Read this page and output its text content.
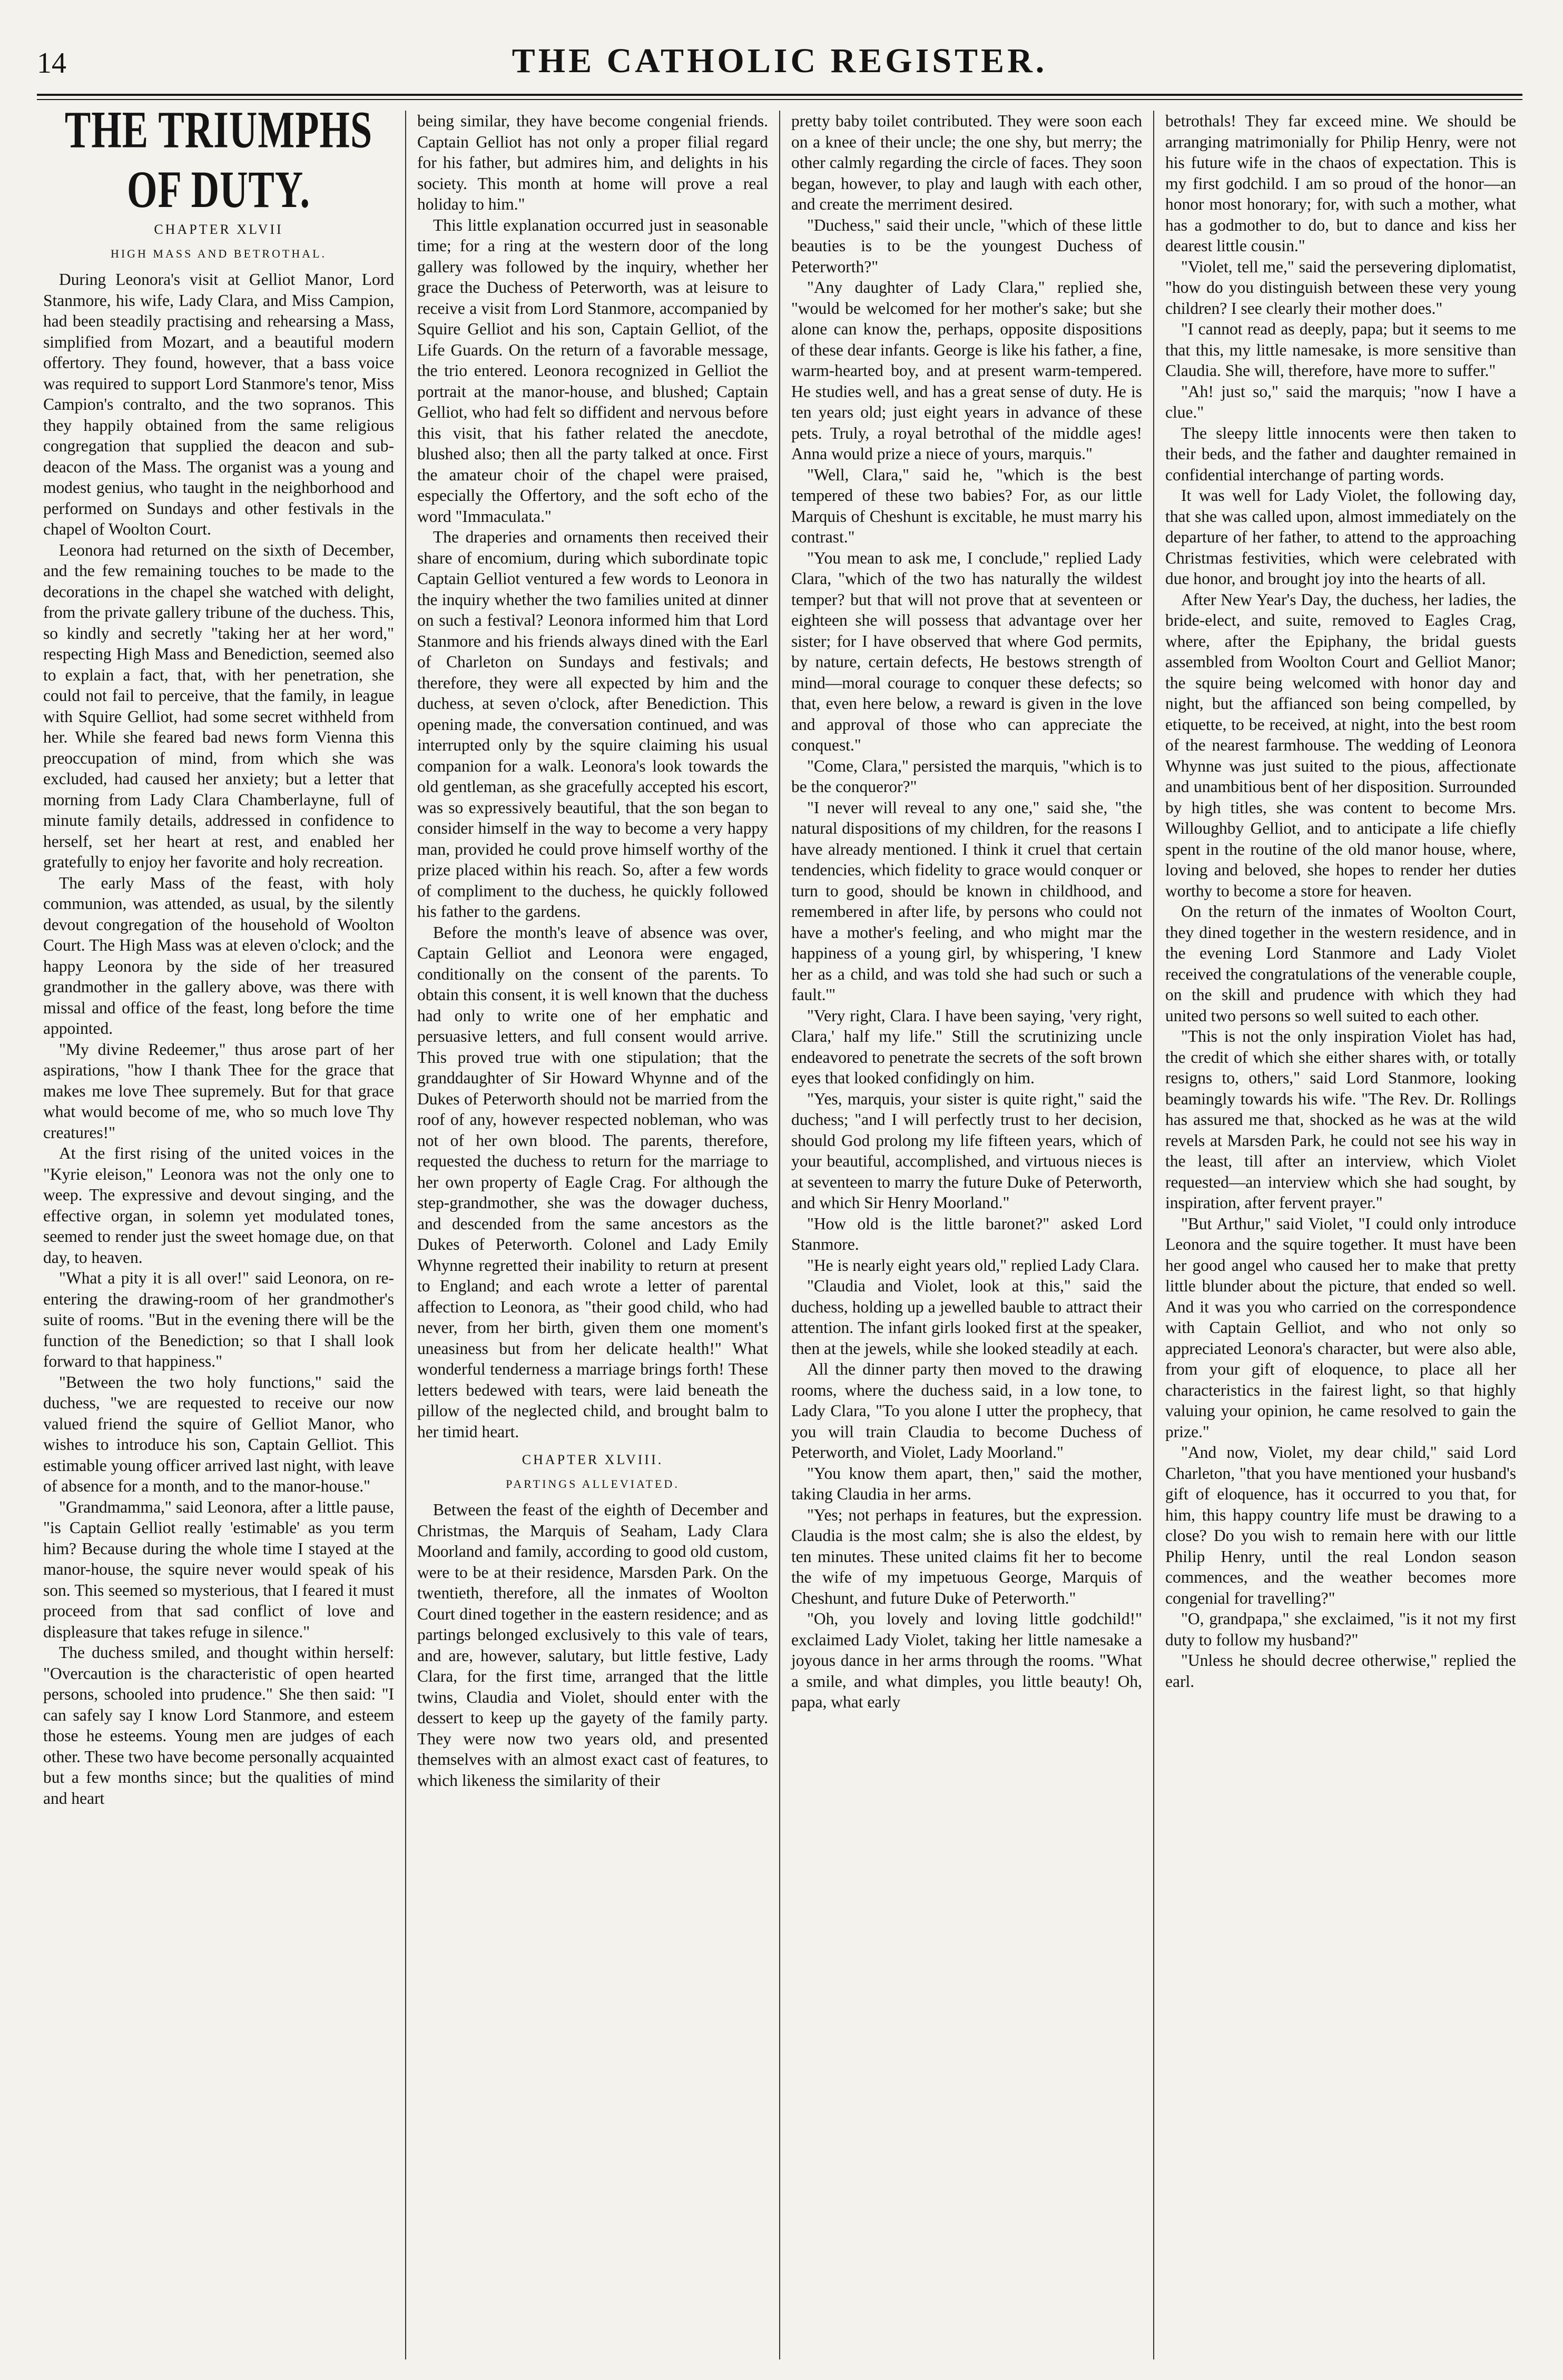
14	THE CATHOLIC REGISTER.
THE TRIUMPHS OF DUTY.

CHAPTER XLVII

HIGH MASS AND BETROTHAL.

During Leonora's visit at Gelliot Manor, Lord Stanmore, his wife, Lady Clara, and Miss Campion, had been steadily practising and rehearsing a Mass, simplified from Mozart, and a beautiful modern offertory. They found, however, that a bass voice was required to support Lord Stanmore's tenor, Miss Campion's contralto, and the two sopranos. This they happily obtained from the same religious congregation that supplied the deacon and sub-deacon of the Mass. The organist was a young and modest genius, who taught in the neighborhood and performed on Sundays and other festivals in the chapel of Woolton Court.

Leonora had returned on the sixth of December, and the few remaining touches to be made to the decorations in the chapel she watched with delight, from the private gallery tribune of the duchess. This, so kindly and secretly "taking her at her word," respecting High Mass and Benediction, seemed also to explain a fact, that, with her penetration, she could not fail to perceive, that the family, in league with Squire Gelliot, had some secret withheld from her. While she feared bad news form Vienna this preoccupation of mind, from which she was excluded, had caused her anxiety; but a letter that morning from Lady Clara Chamberlayne, full of minute family details, addressed in confidence to herself, set her heart at rest, and enabled her gratefully to enjoy her favorite and holy recreation.

The early Mass of the feast, with holy communion, was attended, as usual, by the silently devout congregation of the household of Woolton Court. The High Mass was at eleven o'clock; and the happy Leonora by the side of her treasured grandmother in the gallery above, was there with missal and office of the feast, long before the time appointed.

"My divine Redeemer," thus arose part of her aspirations, "how I thank Thee for the grace that makes me love Thee supremely. But for that grace what would become of me, who so much love Thy creatures!"

At the first rising of the united voices in the "Kyrie eleison," Leonora was not the only one to weep. The expressive and devout singing, and the effective organ, in solemn yet modulated tones, seemed to render just the sweet homage due, on that day, to heaven.

"What a pity it is all over!" said Leonora, on re-entering the drawing-room of her grandmother's suite of rooms. "But in the evening there will be the function of the Benediction; so that I shall look forward to that happiness."

"Between the two holy functions," said the duchess, "we are requested to receive our now valued friend the squire of Gelliot Manor, who wishes to introduce his son, Captain Gelliot. This estimable young officer arrived last night, with leave of absence for a month, and to the manor-house."

"Grandmamma," said Leonora, after a little pause, "is Captain Gelliot really 'estimable' as you term him? Because during the whole time I stayed at the manor-house, the squire never would speak of his son. This seemed so mysterious, that I feared it must proceed from that sad conflict of love and displeasure that takes refuge in silence."

The duchess smiled, and thought within herself: "Overcaution is the characteristic of open hearted persons, schooled into prudence." She then said: "I can safely say I know Lord Stanmore, and esteem those he esteems. Young men are judges of each other. These two have become personally acquainted but a few months since; but the qualities of mind and heart

being similar, they have become congenial friends. Captain Gelliot has not only a proper filial regard for his father, but admires him, and delights in his society. This month at home will prove a real holiday to him."

This little explanation occurred just in seasonable time; for a ring at the western door of the long gallery was followed by the inquiry, whether her grace the Duchess of Peterworth, was at leisure to receive a visit from Lord Stanmore, accompanied by Squire Gelliot and his son, Captain Gelliot, of the Life Guards. On the return of a favorable message, the trio entered. Leonora recognized in Gelliot the portrait at the manor-house, and blushed; Captain Gelliot, who had felt so diffident and nervous before this visit, that his father related the anecdote, blushed also; then all the party talked at once. First the amateur choir of the chapel were praised, especially the Offertory, and the soft echo of the word "Immaculata."

The draperies and ornaments then received their share of encomium, during which subordinate topic Captain Gelliot ventured a few words to Leonora in the inquiry whether the two families united at dinner on such a festival? Leonora informed him that Lord Stanmore and his friends always dined with the Earl of Charleton on Sundays and festivals; and therefore, they were all expected by him and the duchess, at seven o'clock, after Benediction. This opening made, the conversation continued, and was interrupted only by the squire claiming his usual companion for a walk. Leonora's look towards the old gentleman, as she gracefully accepted his escort, was so expressively beautiful, that the son began to consider himself in the way to become a very happy man, provided he could prove himself worthy of the prize placed within his reach. So, after a few words of compliment to the duchess, he quickly followed his father to the gardens.

Before the month's leave of absence was over, Captain Gelliot and Leonora were engaged, conditionally on the consent of the parents. To obtain this consent, it is well known that the duchess had only to write one of her emphatic and persuasive letters, and full consent would arrive. This proved true with one stipulation; that the granddaughter of Sir Howard Whynne and of the Dukes of Peterworth should not be married from the roof of any, however respected nobleman, who was not of her own blood. The parents, therefore, requested the duchess to return for the marriage to her own property of Eagle Crag. For although the step-grandmother, she was the dowager duchess, and descended from the same ancestors as the Dukes of Peterworth. Colonel and Lady Emily Whynne regretted their inability to return at present to England; and each wrote a letter of parental affection to Leonora, as "their good child, who had never, from her birth, given them one moment's uneasiness but from her delicate health!" What wonderful tenderness a marriage brings forth! These letters bedewed with tears, were laid beneath the pillow of the neglected child, and brought balm to her timid heart.

CHAPTER XLVIII.

PARTINGS ALLEVIATED.

Between the feast of the eighth of December and Christmas, the Marquis of Seaham, Lady Clara Moorland and family, according to good old custom, were to be at their residence, Marsden Park. On the twentieth, therefore, all the inmates of Woolton Court dined together in the eastern residence; and as partings belonged exclusively to this vale of tears, and are, however, salutary, but little festive, Lady Clara, for the first time, arranged that the little twins, Claudia and Violet, should enter with the dessert to keep up the gayety of the family party. They were now two years old, and presented themselves with an almost exact cast of features, to which likeness the similarity of their

pretty baby toilet contributed. They were soon each on a knee of their uncle; the one shy, but merry; the other calmly regarding the circle of faces. They soon began, however, to play and laugh with each other, and create the merriment desired.

"Duchess," said their uncle, "which of these little beauties is to be the youngest Duchess of Peterworth?"

"Any daughter of Lady Clara," replied she, "would be welcomed for her mother's sake; but she alone can know the, perhaps, opposite dispositions of these dear infants. George is like his father, a fine, warm-hearted boy, and at present warm-tempered. He studies well, and has a great sense of duty. He is ten years old; just eight years in advance of these pets. Truly, a royal betrothal of the middle ages! Anna would prize a niece of yours, marquis."

"Well, Clara," said he, "which is the best tempered of these two babies? For, as our little Marquis of Cheshunt is excitable, he must marry his contrast."

"You mean to ask me, I conclude," replied Lady Clara, "which of the two has naturally the wildest temper? but that will not prove that at seventeen or eighteen she will possess that advantage over her sister; for I have observed that where God permits, by nature, certain defects, He bestows strength of mind—moral courage to conquer these defects; so that, even here below, a reward is given in the love and approval of those who can appreciate the conquest."

"Come, Clara," persisted the marquis, "which is to be the conqueror?"

"I never will reveal to any one," said she, "the natural dispositions of my children, for the reasons I have already mentioned. I think it cruel that certain tendencies, which fidelity to grace would conquer or turn to good, should be known in childhood, and remembered in after life, by persons who could not have a mother's feeling, and who might mar the happiness of a young girl, by whispering, 'I knew her as a child, and was told she had such or such a fault.'"

"Very right, Clara. I have been saying, 'very right, Clara,' half my life." Still the scrutinizing uncle endeavored to penetrate the secrets of the soft brown eyes that looked confidingly on him.

"Yes, marquis, your sister is quite right," said the duchess; "and I will perfectly trust to her decision, should God prolong my life fifteen years, which of your beautiful, accomplished, and virtuous nieces is at seventeen to marry the future Duke of Peterworth, and which Sir Henry Moorland."

"How old is the little baronet?" asked Lord Stanmore.

"He is nearly eight years old," replied Lady Clara.

"Claudia and Violet, look at this," said the duchess, holding up a jewelled bauble to attract their attention. The infant girls looked first at the speaker, then at the jewels, while she looked steadily at each.

All the dinner party then moved to the drawing rooms, where the duchess said, in a low tone, to Lady Clara, "To you alone I utter the prophecy, that you will train Claudia to become Duchess of Peterworth, and Violet, Lady Moorland."

"You know them apart, then," said the mother, taking Claudia in her arms.

"Yes; not perhaps in features, but the expression. Claudia is the most calm; she is also the eldest, by ten minutes. These united claims fit her to become the wife of my impetuous George, Marquis of Cheshunt, and future Duke of Peterworth."

"Oh, you lovely and loving little godchild!" exclaimed Lady Violet, taking her little namesake a joyous dance in her arms through the rooms. "What a smile, and what dimples, you little beauty! Oh, papa, what early

betrothals! They far exceed mine. We should be arranging matrimonially for Philip Henry, were not his future wife in the chaos of expectation. This is my first godchild. I am so proud of the honor—an honor most honorary; for, with such a mother, what has a godmother to do, but to dance and kiss her dearest little cousin."

"Violet, tell me," said the persevering diplomatist, "how do you distinguish between these very young children? I see clearly their mother does."

"I cannot read as deeply, papa; but it seems to me that this, my little namesake, is more sensitive than Claudia. She will, therefore, have more to suffer."

"Ah! just so," said the marquis; "now I have a clue."

The sleepy little innocents were then taken to their beds, and the father and daughter remained in confidential interchange of parting words.

It was well for Lady Violet, the following day, that she was called upon, almost immediately on the departure of her father, to attend to the approaching Christmas festivities, which were celebrated with due honor, and brought joy into the hearts of all.

After New Year's Day, the duchess, her ladies, the bride-elect, and suite, removed to Eagles Crag, where, after the Epiphany, the bridal guests assembled from Woolton Court and Gelliot Manor; the squire being welcomed with honor day and night, but the affianced son being compelled, by etiquette, to be received, at night, into the best room of the nearest farmhouse. The wedding of Leonora Whynne was just suited to the pious, affectionate and unambitious bent of her disposition. Surrounded by high titles, she was content to become Mrs. Willoughby Gelliot, and to anticipate a life chiefly spent in the routine of the old manor house, where, loving and beloved, she hopes to render her duties worthy to become a store for heaven.

On the return of the inmates of Woolton Court, they dined together in the western residence, and in the evening Lord Stanmore and Lady Violet received the congratulations of the venerable couple, on the skill and prudence with which they had united two persons so well suited to each other.

"This is not the only inspiration Violet has had, the credit of which she either shares with, or totally resigns to, others," said Lord Stanmore, looking beamingly towards his wife. "The Rev. Dr. Rollings has assured me that, shocked as he was at the wild revels at Marsden Park, he could not see his way in the least, till after an interview, which Violet requested—an interview which she had sought, by inspiration, after fervent prayer."

"But Arthur," said Violet, "I could only introduce Leonora and the squire together. It must have been her good angel who caused her to make that pretty little blunder about the picture, that ended so well. And it was you who carried on the correspondence with Captain Gelliot, and who not only so appreciated Leonora's character, but were also able, from your gift of eloquence, to place all her characteristics in the fairest light, so that highly valuing your opinion, he came resolved to gain the prize."

"And now, Violet, my dear child," said Lord Charleton, "that you have mentioned your husband's gift of eloquence, has it occurred to you that, for him, this happy country life must be drawing to a close? Do you wish to remain here with our little Philip Henry, until the real London season commences, and the weather becomes more congenial for travelling?"

"O, grandpapa," she exclaimed, "is it not my first duty to follow my husband?"

"Unless he should decree otherwise," replied the earl.
